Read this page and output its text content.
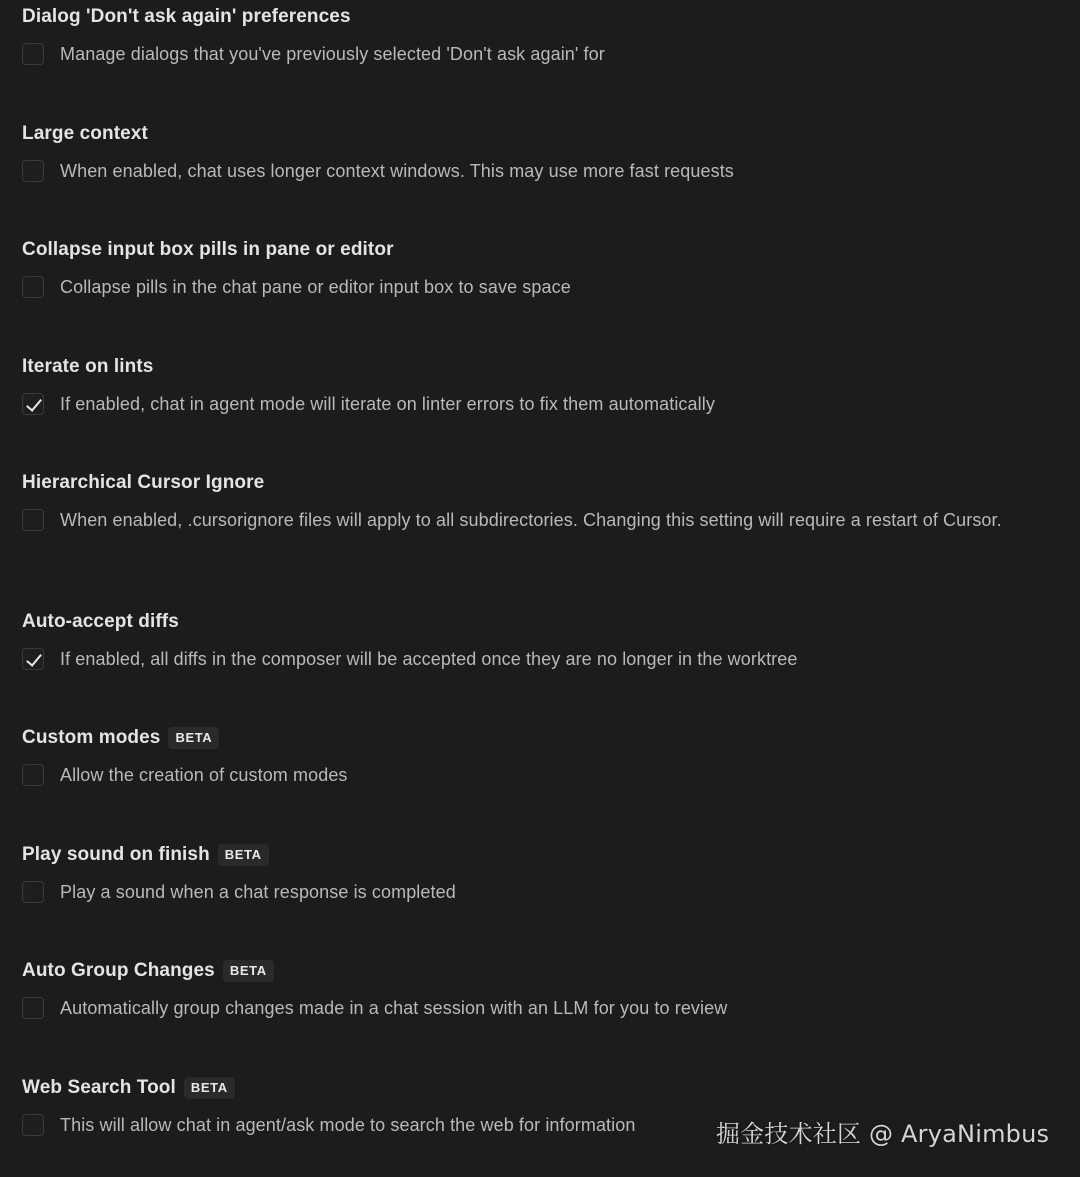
Dialog 'Don't ask again' preferences
Manage dialogs that you've previously selected 'Don't ask again' for
Large context
When enabled, chat uses longer context windows. This may use more fast requests
Collapse input box pills in pane or editor
Collapse pills in the chat pane or editor input box to save space
Iterate on lints
If enabled, chat in agent mode will iterate on linter errors to fix them automatically
Hierarchical Cursor Ignore
When enabled, .cursorignore files will apply to all subdirectories. Changing this setting will require a restart of Cursor.
Auto-accept diffs
If enabled, all diffs in the composer will be accepted once they are no longer in the worktree
Custom modes	BETA
Allow the creation of custom modes
Play sound on finish	BETA
Play a sound when a chat response is completed
Auto Group Changes	BETA
Automatically group changes made in a chat session with an LLM for you to review
Web Search Tool	BETA
This will allow chat in agent/ask mode to search the web for information	掘金技术社区 @ AryaNimbus
